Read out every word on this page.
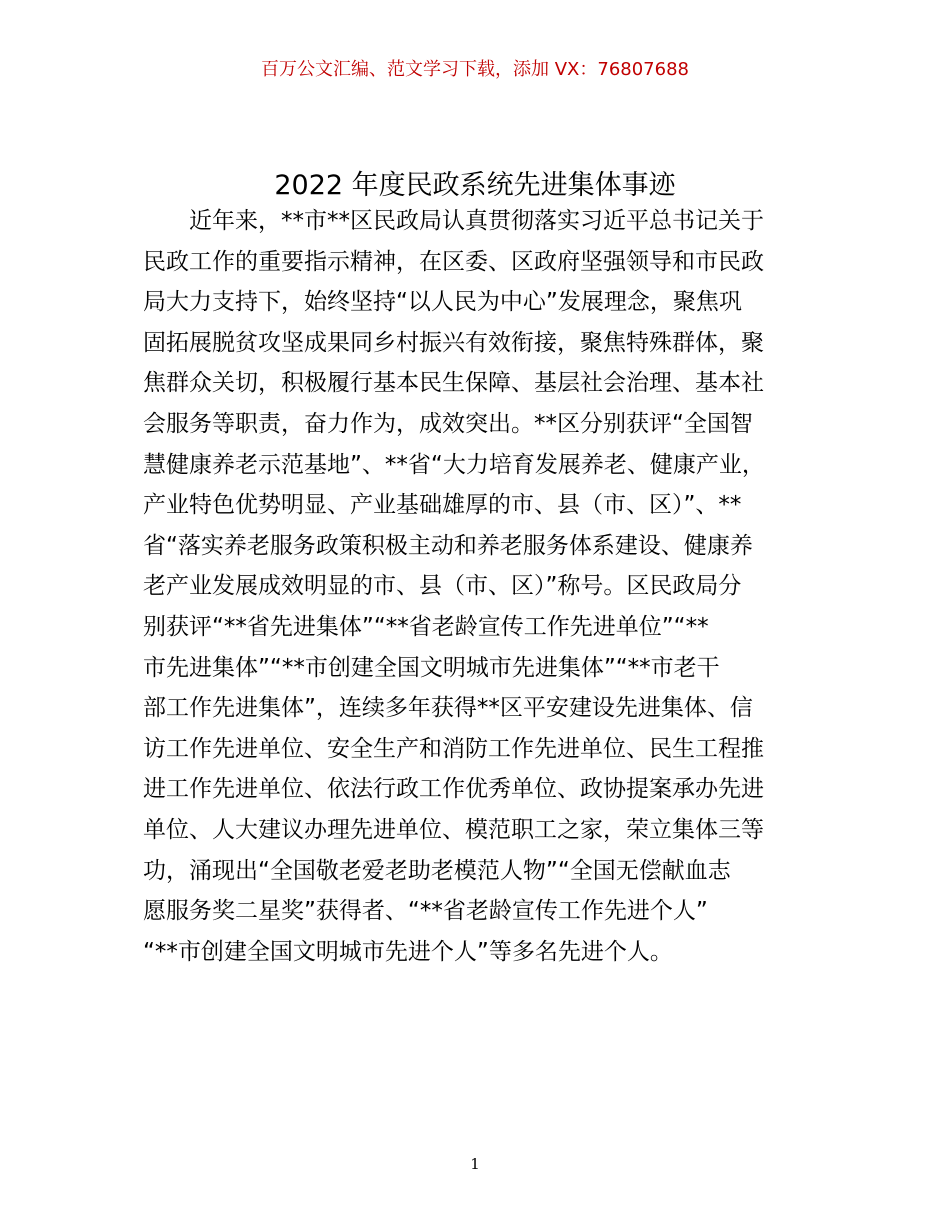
百万公文汇编、范文学习下载，添加 VX：76807688
2022 年度民政系统先进集体事迹
近年来，**市**区民政局认真贯彻落实习近平总书记关于
民政工作的重要指示精神，在区委、区政府坚强领导和市民政
局大力支持下，始终坚持“以人民为中心”发展理念，聚焦巩
固拓展脱贫攻坚成果同乡村振兴有效衔接，聚焦特殊群体，聚
焦群众关切，积极履行基本民生保障、基层社会治理、基本社
会服务等职责，奋力作为，成效突出。**区分别获评“全国智
慧健康养老示范基地”、**省“大力培育发展养老、健康产业，
产业特色优势明显、产业基础雄厚的市、县（市、区）”、**
省“落实养老服务政策积极主动和养老服务体系建设、健康养
老产业发展成效明显的市、县（市、区）”称号。区民政局分
别获评“**省先进集体”“**省老龄宣传工作先进单位”“**
市先进集体”“**市创建全国文明城市先进集体”“**市老干
部工作先进集体”，连续多年获得**区平安建设先进集体、信
访工作先进单位、安全生产和消防工作先进单位、民生工程推
进工作先进单位、依法行政工作优秀单位、政协提案承办先进
单位、人大建议办理先进单位、模范职工之家，荣立集体三等
功，涌现出“全国敬老爱老助老模范人物”“全国无偿献血志
愿服务奖二星奖”获得者、“**省老龄宣传工作先进个人”
“**市创建全国文明城市先进个人”等多名先进个人。
1
